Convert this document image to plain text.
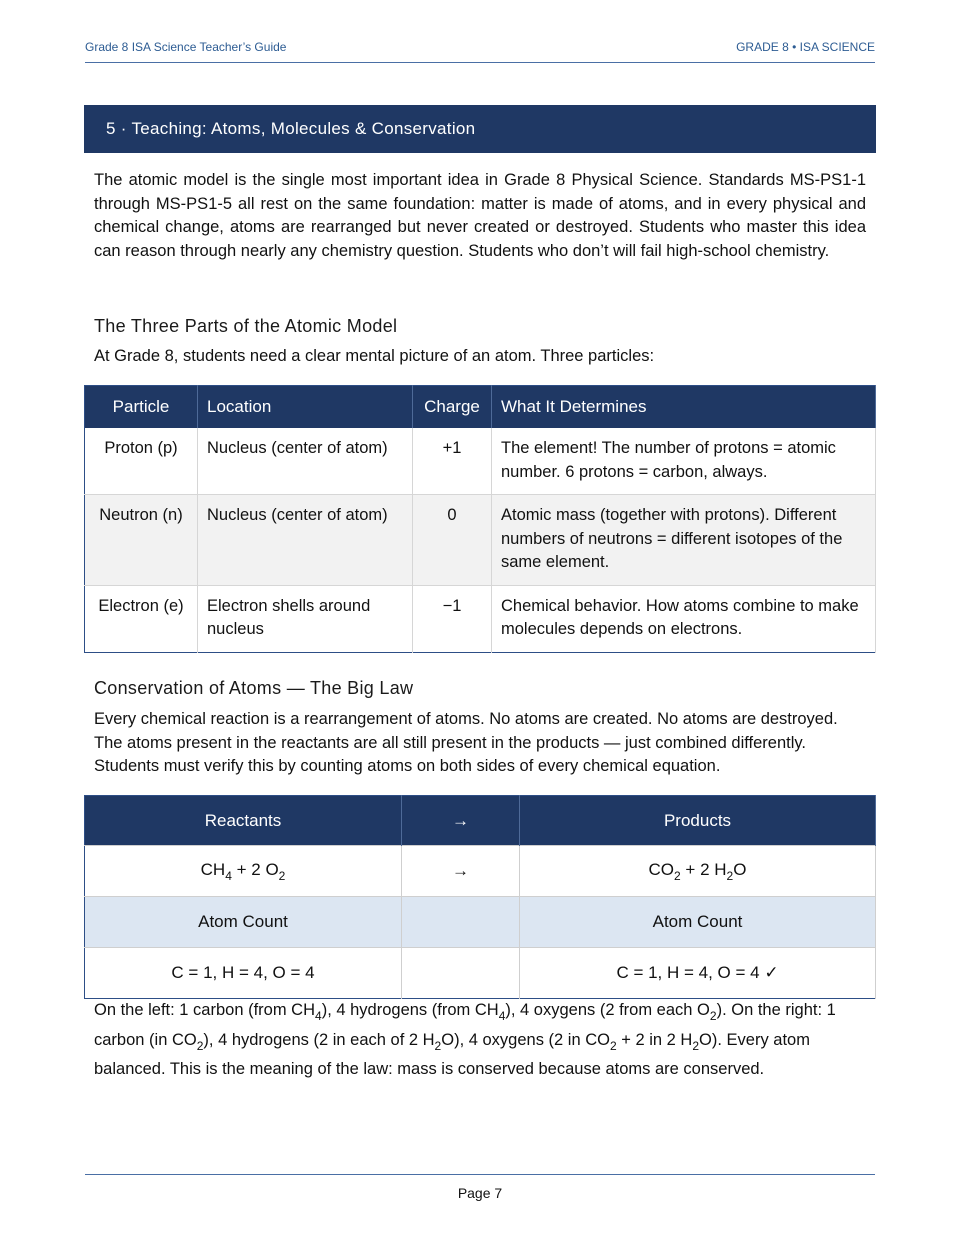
Grade 8 ISA Science Teacher’s Guide	GRADE 8 • ISA SCIENCE
5 · Teaching: Atoms, Molecules & Conservation

The atomic model is the single most important idea in Grade 8 Physical Science. Standards MS-PS1-1 through MS-PS1-5 all rest on the same foundation: matter is made of atoms, and in every physical and chemical change, atoms are rearranged but never created or destroyed. Students who master this idea can reason through nearly any chemistry question. Students who don’t will fail high-school chemistry.

The Three Parts of the Atomic Model

At Grade 8, students need a clear mental picture of an atom. Three particles:

Particle	Location	Charge	What It Determines
Proton (p)	Nucleus (center of atom)	+1	The element! The number of protons = atomic number. 6 protons = carbon, always.
Neutron (n)	Nucleus (center of atom)	0	Atomic mass (together with protons). Different numbers of neutrons = different isotopes of the same element.
Electron (e)	Electron shells around nucleus	−1	Chemical behavior. How atoms combine to make molecules depends on electrons.

Conservation of Atoms — The Big Law

Every chemical reaction is a rearrangement of atoms. No atoms are created. No atoms are destroyed. The atoms present in the reactants are all still present in the products — just combined differently. Students must verify this by counting atoms on both sides of every chemical equation.

Reactants	→	Products
$CH_4 + 2$ $O_2$	→	$CO_2 + 2$ $H_2O$
Atom Count		Atom Count
C = 1, H = 4, O = 4		C = 1, H = 4, O = 4 ✓

On the left: 1 carbon (from $CH_4$), 4 hydrogens (from $CH_4$), 4 oxygens (2 from each $O_2$). On the right: 1 carbon (in $CO_2$), 4 hydrogens (2 in each of 2 $H_2O$), 4 oxygens (2 in $CO_2 + 2$ in 2 $H_2O$). Every atom balanced. This is the meaning of the law: mass is conserved because atoms are conserved.

Page 7
